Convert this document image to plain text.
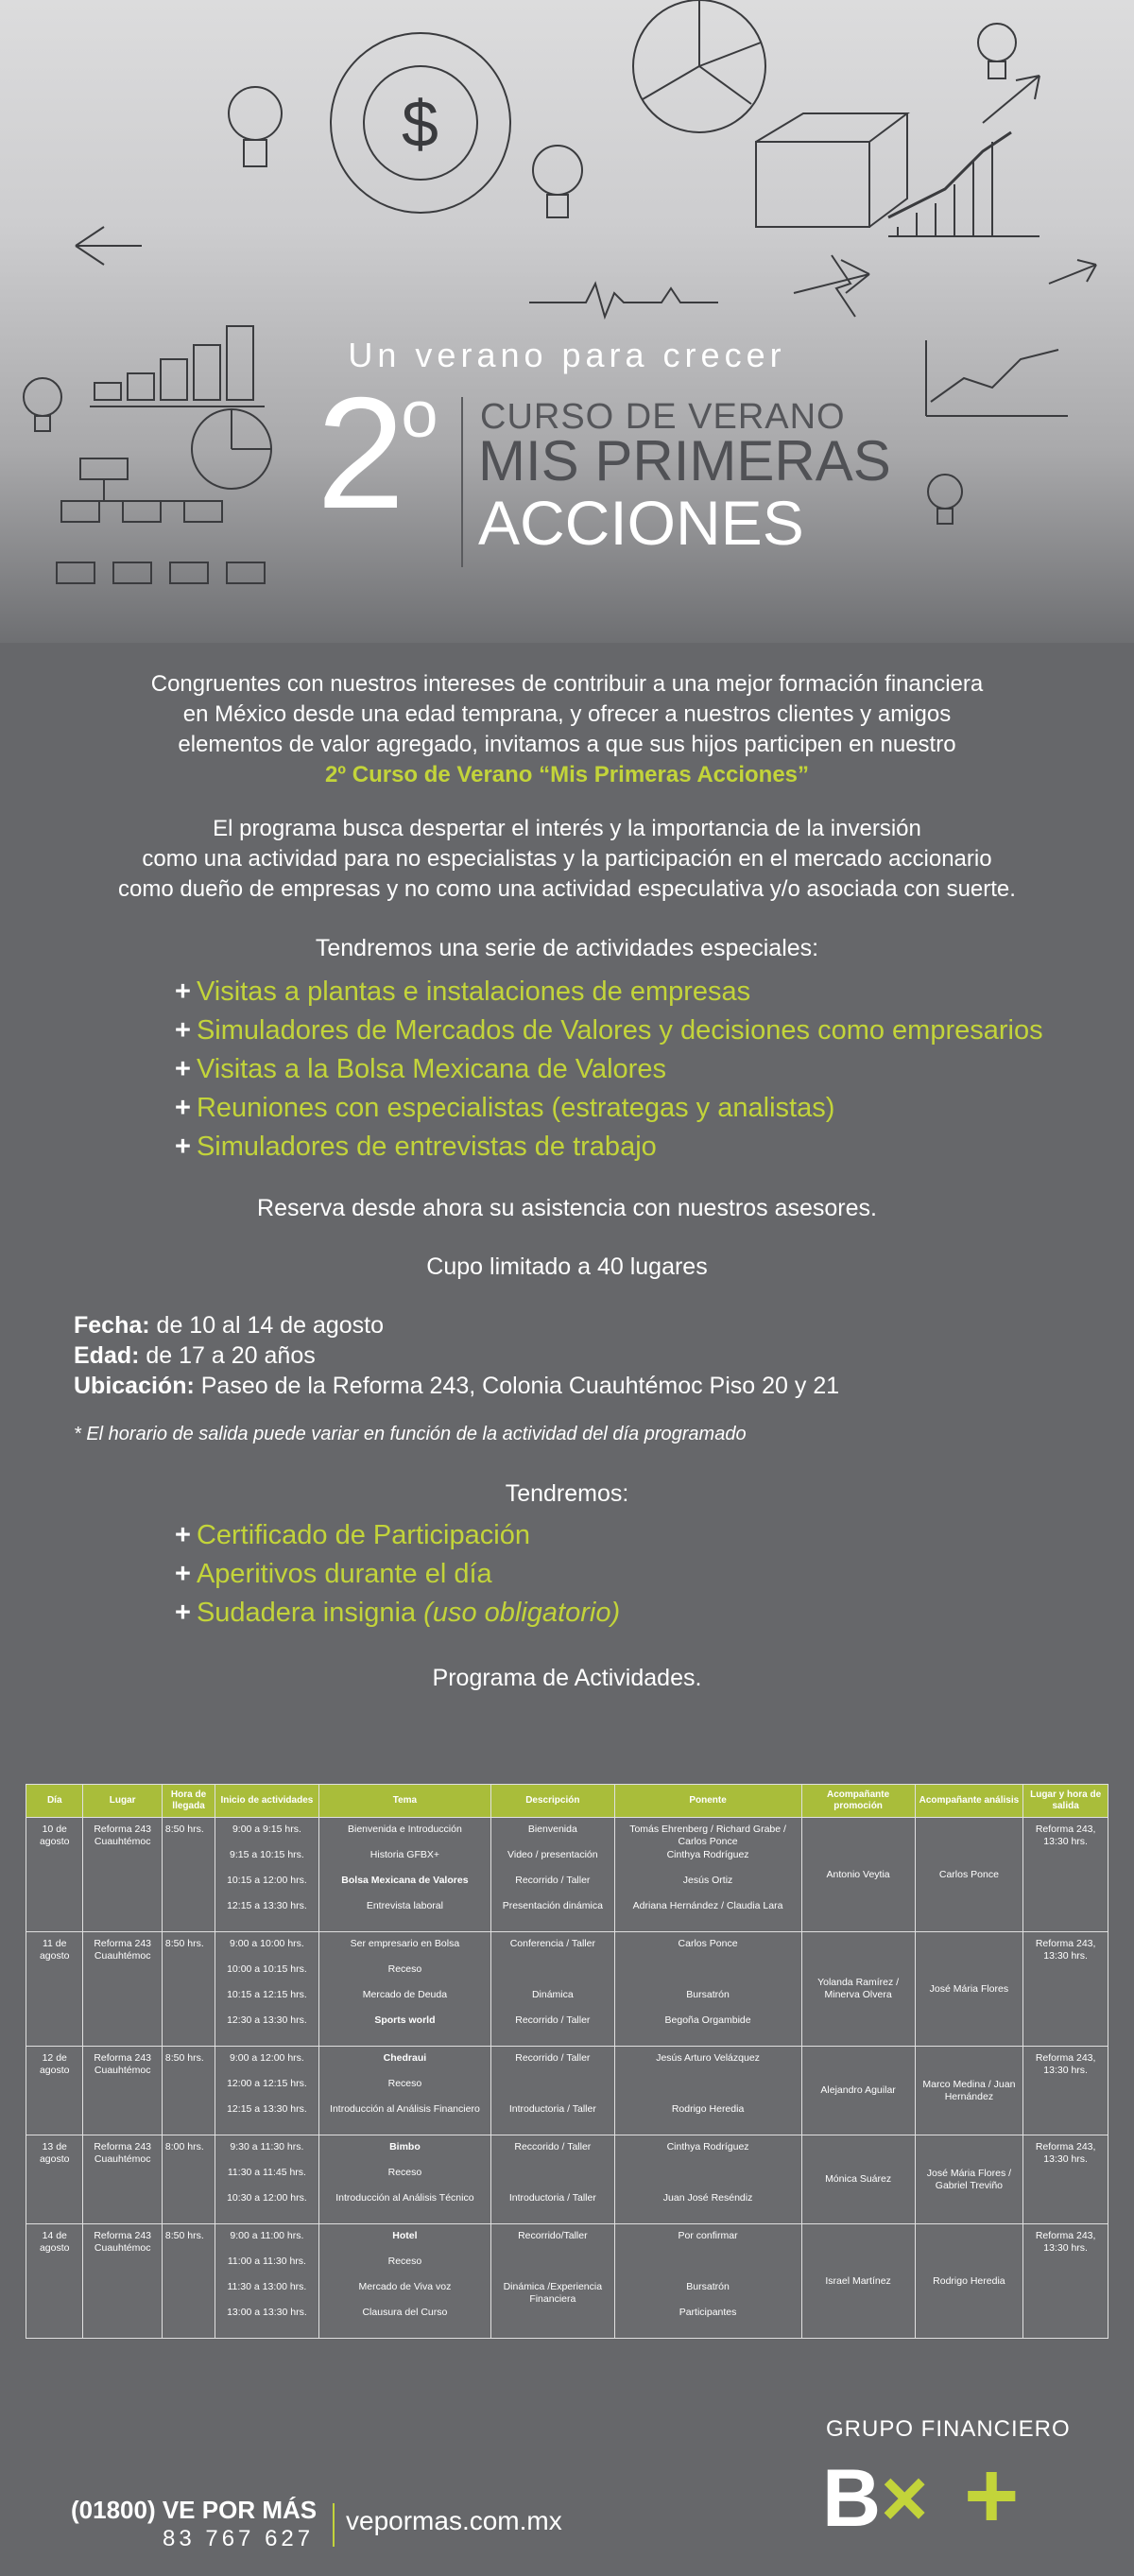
$
Un verano para crecer
2$^o$ CURSO DE VERANO
MIS PRIMERAS
ACCIONES

Congruentes con nuestros intereses de contribuir a una mejor formación financiera

en México desde una edad temprana, y ofrecer a nuestros clientes y amigos

elementos de valor agregado, invitamos a que sus hijos participen en nuestro

2º Curso de Verano “Mis Primeras Acciones”

El programa busca despertar el interés y la importancia de la inversión

como una actividad para no especialistas y la participación en el mercado accionario

como dueño de empresas y no como una actividad especulativa y/o asociada con suerte.

Tendremos una serie de actividades especiales:

+ Visitas a plantas e instalaciones de empresas
+ Simuladores de Mercados de Valores y decisiones como empresarios
+ Visitas a la Bolsa Mexicana de Valores
+ Reuniones con especialistas (estrategas y analistas)
+ Simuladores de entrevistas de trabajo

Reserva desde ahora su asistencia con nuestros asesores.

Cupo limitado a 40 lugares

Fecha: de 10 al 14 de agosto
Edad: de 17 a 20 años
Ubicación: Paseo de la Reforma 243, Colonia Cuauhtémoc Piso 20 y 21
* El horario de salida puede variar en función de la actividad del día programado

Tendremos:

+ Certificado de Participación
+ Aperitivos durante el día
+ Sudadera insignia (uso obligatorio)

Programa de Actividades.

Día	Lugar	Hora de llegada	Inicio de actividades	Tema	Descripción	Ponente	Acompañante promoción	Acompañante análisis	Lugar y hora de salida
10 de agosto	Reforma 243 Cuauhtémoc	8:50 hrs.	9:00 a 9:15 hrs.
9:15 a 10:15 hrs.
10:15 a 12:00 hrs.
12:15 a 13:30 hrs.	Bienvenida e Introducción
Historia GFBX+
Bolsa Mexicana de Valores
Entrevista laboral	Bienvenida
Video / presentación
Recorrido / Taller
Presentación dinámica	Tomás Ehrenberg / Richard Grabe / Carlos Ponce
Cinthya Rodríguez
Jesús Ortiz
Adriana Hernández / Claudia Lara	Antonio Veytia	Carlos Ponce	Reforma 243, 13:30 hrs.
11 de agosto	Reforma 243 Cuauhtémoc	8:50 hrs.	9:00 a 10:00 hrs.
10:00 a 10:15 hrs.
10:15 a 12:15 hrs.
12:30 a 13:30 hrs.	Ser empresario en Bolsa
Receso
Mercado de Deuda
Sports world	Conferencia / Taller
Dinámica
Recorrido / Taller	Carlos Ponce
Bursatrón
Begoña Orgambide	Yolanda Ramírez / Minerva Olvera	José Mária Flores	Reforma 243, 13:30 hrs.
12 de agosto	Reforma 243 Cuauhtémoc	8:50 hrs.	9:00 a 12:00 hrs.
12:00 a 12:15 hrs.
12:15 a 13:30 hrs.	Chedraui
Receso
Introducción al Análisis Financiero	Recorrido / Taller
Introductoria / Taller	Jesús Arturo Velázquez
Rodrigo Heredia	Alejandro Aguilar	Marco Medina / Juan Hernández	Reforma 243, 13:30 hrs.
13 de agosto	Reforma 243 Cuauhtémoc	8:00 hrs.	9:30 a 11:30 hrs.
11:30 a 11:45 hrs.
10:30 a 12:00 hrs.	Bimbo
Receso
Introducción al Análisis Técnico	Reccorido / Taller
Introductoria / Taller	Cinthya Rodríguez
Juan José Reséndiz	Mónica Suárez	José Mária Flores / Gabriel Treviño	Reforma 243, 13:30 hrs.
14 de agosto	Reforma 243 Cuauhtémoc	8:50 hrs.	9:00 a 11:00 hrs.
11:00 a 11:30 hrs.
11:30 a 13:00 hrs.
13:00 a 13:30 hrs.	Hotel
Receso
Mercado de Viva voz
Clausura del Curso	Recorrido/Taller
Dinámica /Experiencia Financiera	Por confirmar
Bursatrón
Participantes	Israel Martínez	Rodrigo Heredia	Reforma 243, 13:30 hrs.
GRUPO FINANCIERO
B × +
(01800) VE POR MÁS
83 767 627
vepormas.com.mx
